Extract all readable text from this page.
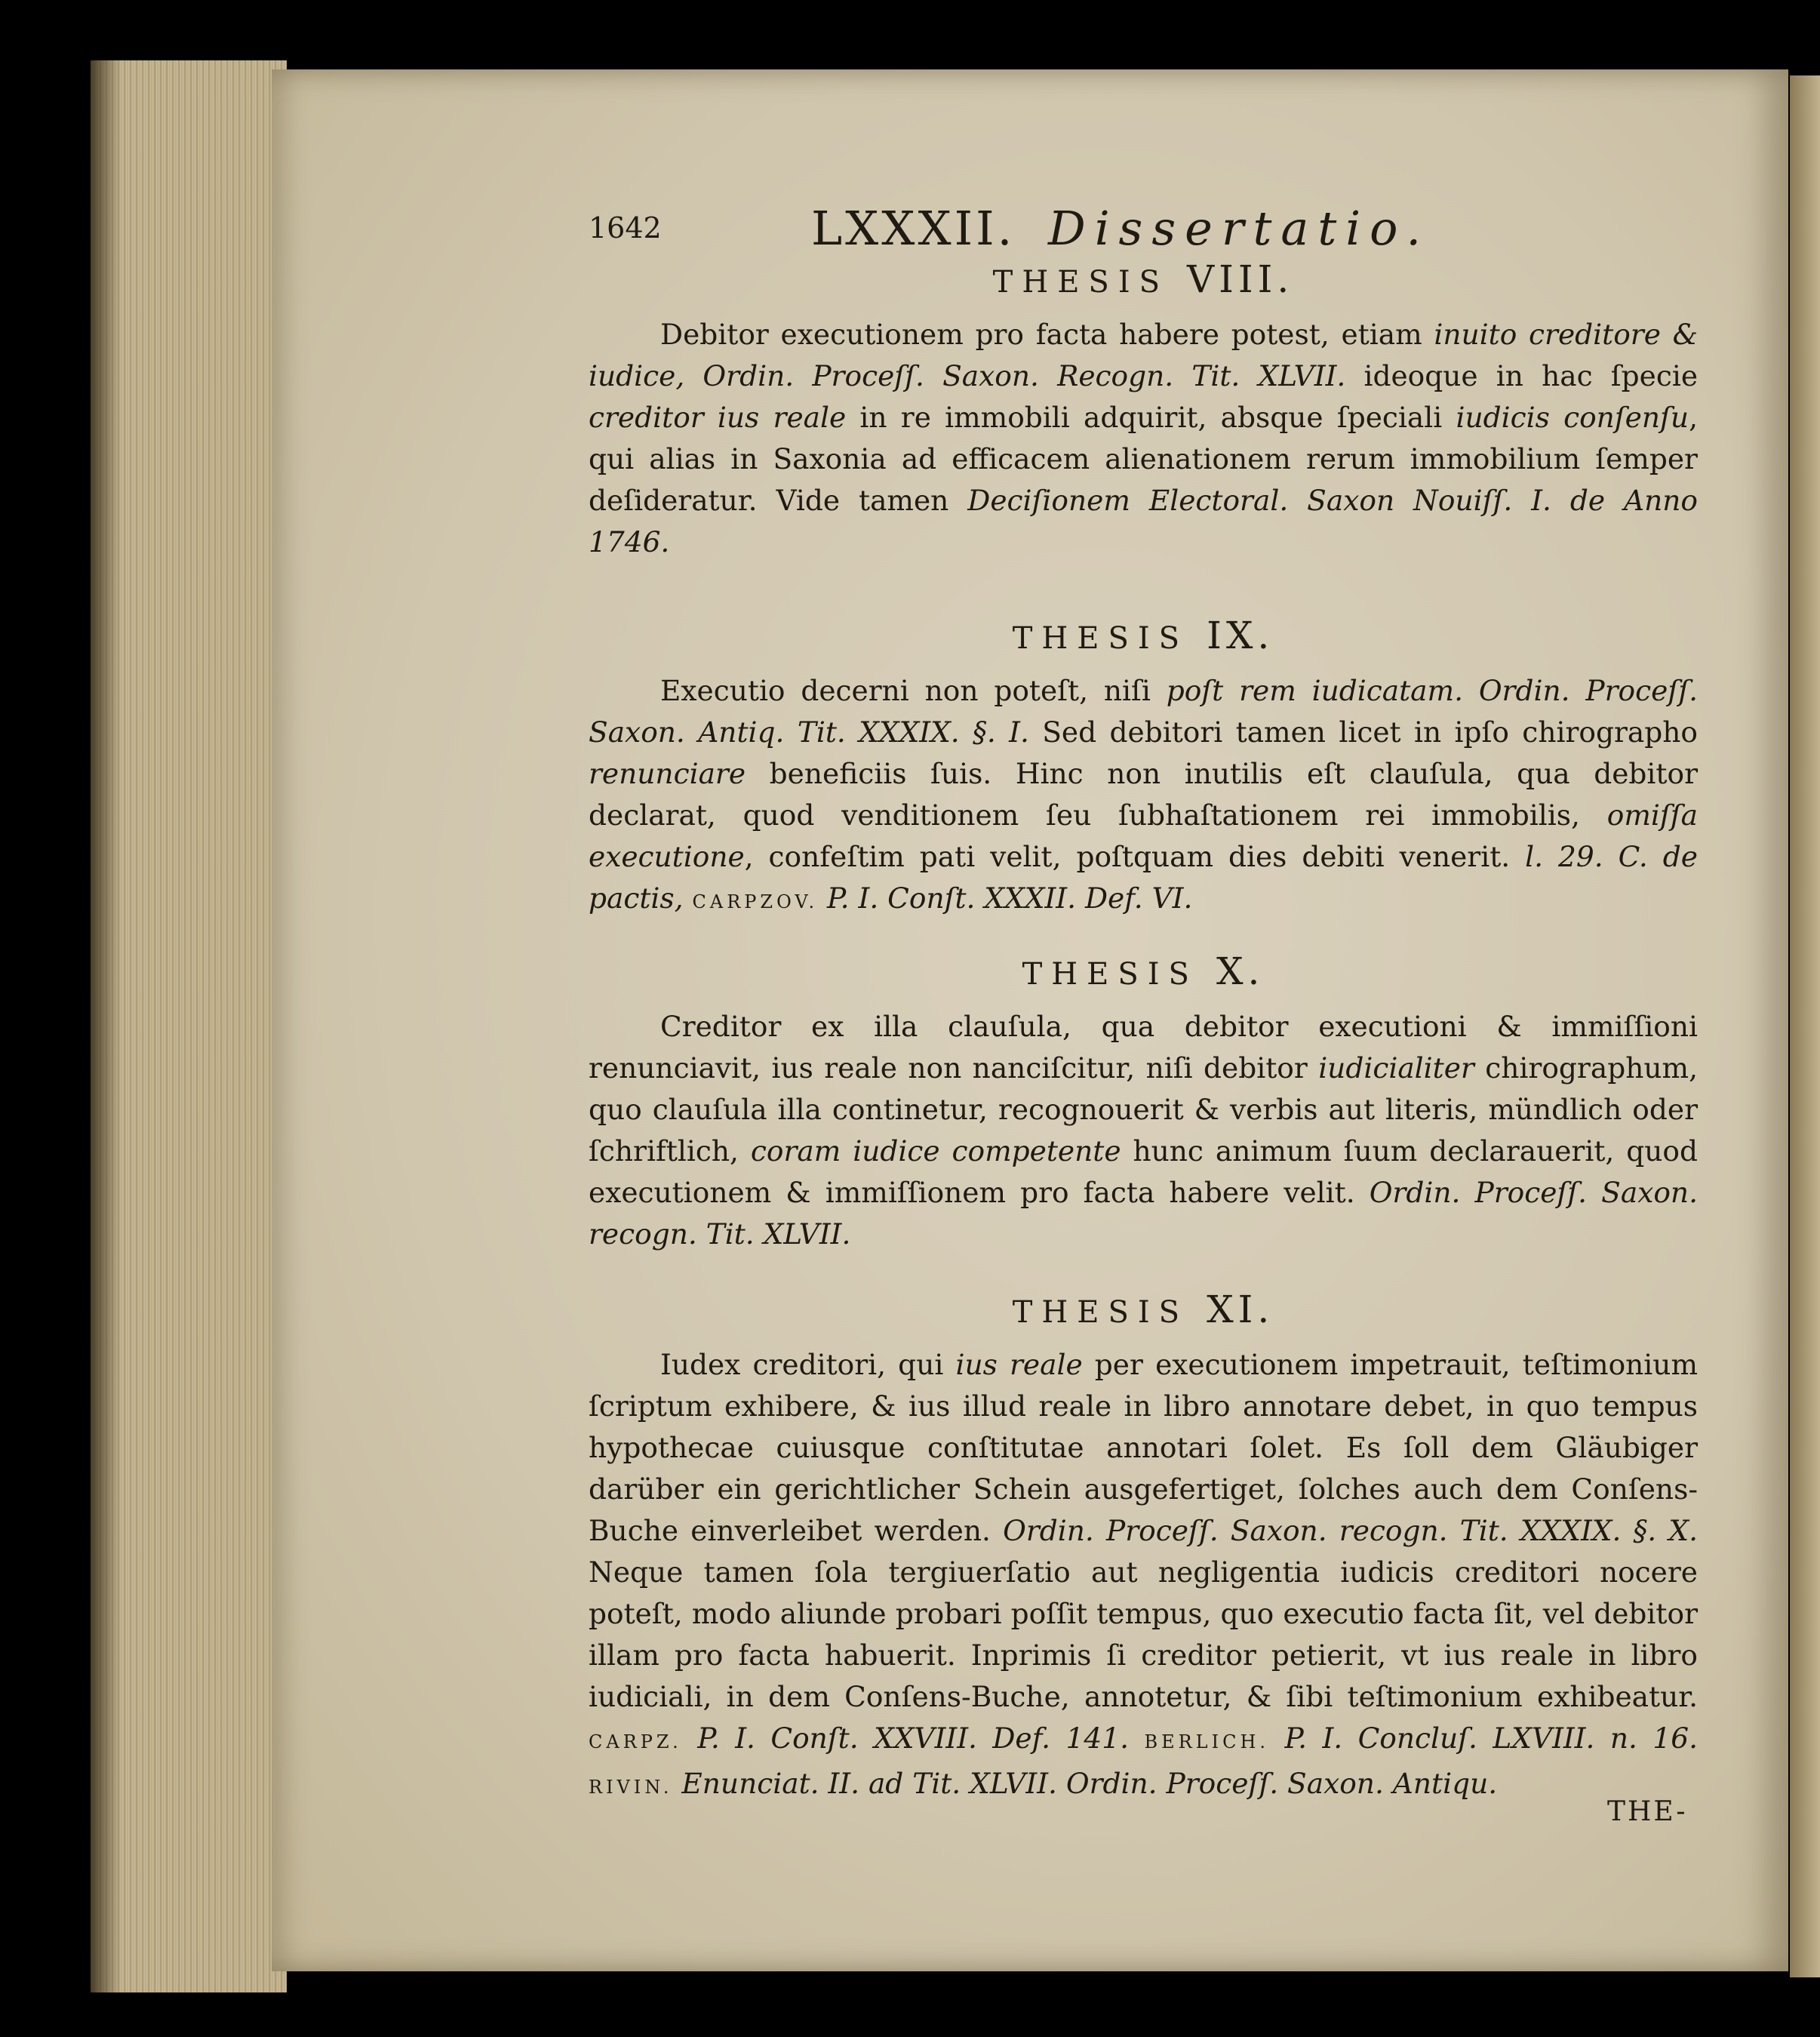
1642	LXXXII. Dissertatio.
THESIS VIII.

Debitor executionem pro facta habere potest, etiam inuito creditore & iudice, Ordin. Proceſſ. Saxon. Recogn. Tit. XLVII. ideoque in hac ſpecie creditor ius reale in re immobili adquirit, absque ſpeciali iudicis conſenſu, qui alias in Saxonia ad efficacem alienationem rerum immobilium ſemper deſideratur. Vide tamen Deciſionem Electoral. Saxon Nouiſſ. I. de Anno 1746.

THESIS IX.

Executio decerni non poteſt, niſi poſt rem iudicatam. Ordin. Proceſſ. Saxon. Antiq. Tit. XXXIX. §. I. Sed debitori tamen licet in ipſo chirographo renunciare beneficiis ſuis. Hinc non inutilis eſt clauſula, qua debitor declarat, quod venditionem ſeu ſubhaſtationem rei immobilis, omiſſa executione, confeſtim pati velit, poſtquam dies debiti venerit. l. 29. C. de pactis, CARPZOV. P. I. Conſt. XXXII. Def. VI.

THESIS X.

Creditor ex illa clauſula, qua debitor executioni & immiſſioni renunciavit, ius reale non nanciſcitur, niſi debitor iudicialiter chirographum, quo clauſula illa continetur, recognouerit & verbis aut literis, mündlich oder ſchriftlich, coram iudice competente hunc animum ſuum declarauerit, quod executionem & immiſſionem pro facta habere velit. Ordin. Proceſſ. Saxon. recogn. Tit. XLVII.

THESIS XI.

Iudex creditori, qui ius reale per executionem impetrauit, teſtimonium ſcriptum exhibere, & ius illud reale in libro annotare debet, in quo tempus hypothecae cuiusque conſtitutae annotari ſolet. Es ſoll dem Gläubiger darüber ein gerichtlicher Schein ausgefertiget, ſolches auch dem Conſens-Buche einverleibet werden. Ordin. Proceſſ. Saxon. recogn. Tit. XXXIX. §. X. Neque tamen ſola tergiuerſatio aut negligentia iudicis creditori nocere poteſt, modo aliunde probari poſſit tempus, quo executio facta ſit, vel debitor illam pro facta habuerit. Inprimis ſi creditor petierit, vt ius reale in libro iudiciali, in dem Conſens-Buche, annotetur, & ſibi teſtimonium exhibeatur. CARPZ. P. I. Conſt. XXVIII. Def. 141. BERLICH. P. I. Concluſ. LXVIII. n. 16. RIVIN. Enunciat. II. ad Tit. XLVII. Ordin. Proceſſ. Saxon. Antiqu.

THE-
